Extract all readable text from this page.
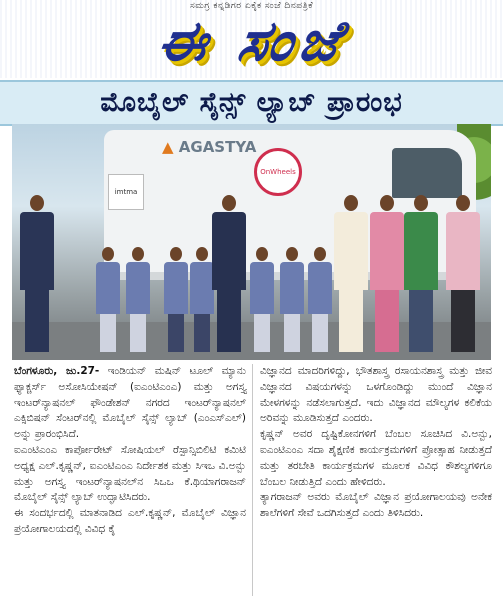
ಸಮಗ್ರ ಕನ್ನಡಿಗರ ಏಕೈಕ ಸಂಜೆ ದಿನಪತ್ರಿಕೆ
ಈ ಸಂಜೆ
ಮೊಬೈಲ್ ಸೈನ್ಸ್ ಲ್ಯಾಬ್ ಪ್ರಾರಂಭ
imtma
▲ AGASTYA
OnWheels

ಬೆಂಗಳೂರು, ಜು.27- ಇಂಡಿಯನ್ ಮಷಿನ್ ಟೂಲ್ ಮ್ಯಾನು ಫ್ಯಾಕ್ಚರ್ಸ್ ಅಸೋಸಿಯೇಷನ್ (ಐಎಂಟಿಎಂಎ) ಮತ್ತು ಅಗಸ್ತ್ಯ ಇಂಟರ್‌ನ್ಯಾಷನಲ್ ಫೌಂಡೇಶನ್ ನಗರದ ಇಂಟರ್‌ನ್ಯಾಷನಲ್ ಎಕ್ಸಿಬಿಷನ್ ಸೆಂಟರ್‌ನಲ್ಲಿ ಮೊಬೈಲ್ ಸೈನ್ಸ್ ಲ್ಯಾಬ್ (ಎಂಎಸ್‌ಎಲ್) ಅನ್ನು ಪ್ರಾರಂಭಿಸಿದೆ.

ಐಎಂಟಿಎಂಎ ಕಾರ್ಪೋರೇಟ್ ಸೋಷಿಯಲ್ ರೆಸ್ಪಾನ್ಸಿಬಿಲಿಟಿ ಕಮಿಟಿ ಅಧ್ಯಕ್ಷ ಎಲ್.ಕೃಷ್ಣನ್, ಐಎಂಟಿಎಂಎ ನಿರ್ದೇಶಕ ಮತ್ತು ಸಿಇಒ ವಿ.ಅನ್ಬು ಮತ್ತು ಅಗಸ್ತ್ಯ ಇಂಟರ್‌ನ್ಯಾಷನಲ್‌ನ ಸಿಒಒ ಕೆ.ಥಿಯಾಗರಾಜನ್ ಮೊಬೈಲ್ ಸೈನ್ಸ್ ಲ್ಯಾಬ್ ಉದ್ಘಾಟಿಸಿದರು.

ಈ ಸಂದರ್ಭದಲ್ಲಿ ಮಾತನಾಡಿದ ಎಲ್.ಕೃಷ್ಣನ್, ಮೊಬೈಲ್ ವಿಜ್ಞಾನ ಪ್ರಯೋಗಾಲಯದಲ್ಲಿ ವಿವಿಧ ಕೈ

ವಿಜ್ಞಾನದ ಮಾದರಿಗಳಿದ್ದು, ಭೌತಶಾಸ್ತ್ರ ರಸಾಯನಶಾಸ್ತ್ರ ಮತ್ತು ಜೀವ ವಿಜ್ಞಾನದ ವಿಷಯಗಳನ್ನು ಒಳಗೊಂಡಿದ್ದು ಮುಂದೆ ವಿಜ್ಞಾನ ಮೇಳಗಳನ್ನು ನಡೆಸಲಾಗುತ್ತದೆ. ಇದು ವಿಜ್ಞಾನದ ಮೌಲ್ಯಗಳ ಕಲಿಕೆಯ ಅರಿವನ್ನು ಮೂಡಿಸುತ್ತದೆ ಎಂದರು.

ಕೃಷ್ಣನ್ ಅವರ ದೃಷ್ಟಿಕೋನಗಳಿಗೆ ಬೆಂಬಲ ಸೂಚಿಸಿದ ವಿ.ಅನ್ಬು, ಐಎಂಟಿಎಂಎ ಸದಾ ಶೈಕ್ಷಣಿಕ ಕಾರ್ಯಕ್ರಮಗಳಿಗೆ ಪ್ರೋತ್ಸಾಹ ನೀಡುತ್ತದೆ ಮತ್ತು ತರಬೇತಿ ಕಾರ್ಯಕ್ರಮಗಳ ಮೂಲಕ ವಿವಿಧ ಕೌಶಲ್ಯಗಳಿಗೂ ಬೆಂಬಲ ನೀಡುತ್ತಿದೆ ಎಂದು ಹೇಳಿದರು.

ತ್ಯಾಗರಾಜನ್ ಅವರು ಮೊಬೈಲ್ ವಿಜ್ಞಾನ ಪ್ರಯೋಗಾಲಯವು ಅನೇಕ ಶಾಲೆಗಳಿಗೆ ಸೇವೆ ಒದಗಿಸುತ್ತದೆ ಎಂದು ತಿಳಿಸಿದರು.
